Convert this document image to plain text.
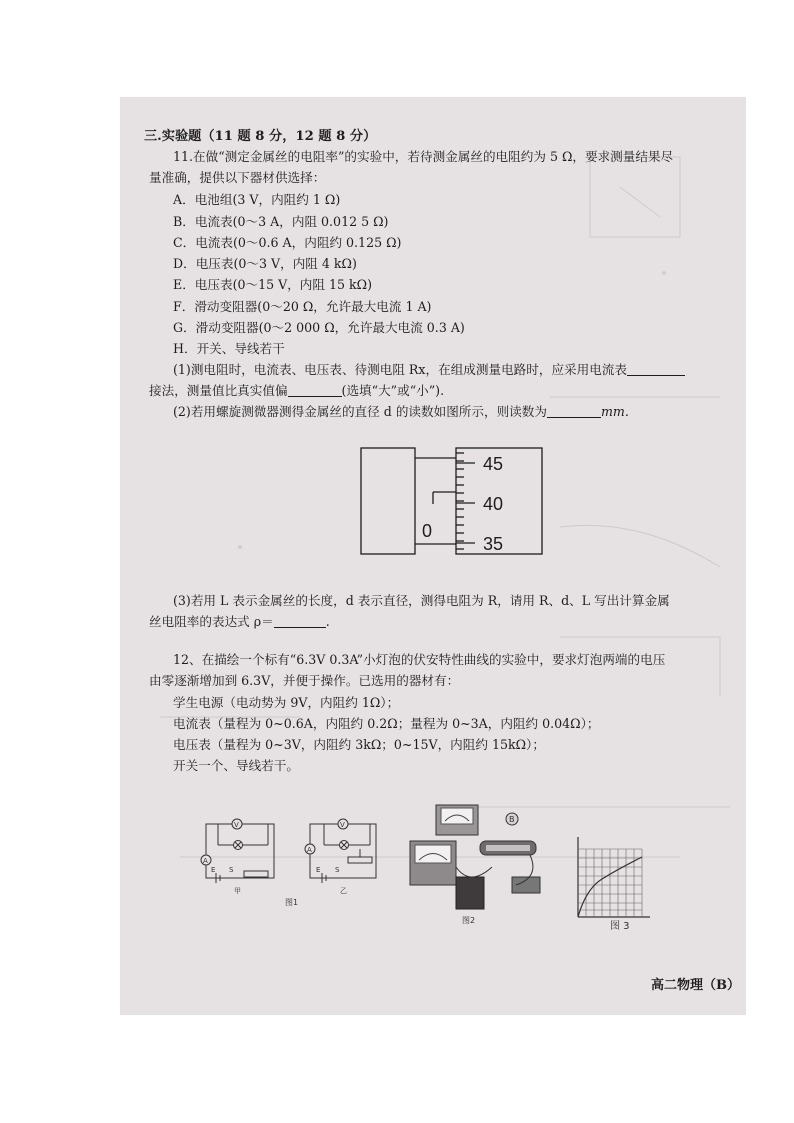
三.实验题（11 题 8 分，12 题 8 分）
11.在做“测定金属丝的电阻率”的实验中，若待测金属丝的电阻约为 5 Ω，要求测量结果尽
量准确，提供以下器材供选择：
A．电池组(3 V，内阻约 1 Ω)
B．电流表(0～3 A，内阻 0.012 5 Ω)
C．电流表(0～0.6 A，内阻约 0.125 Ω)
D．电压表(0～3 V，内阻 4 kΩ)
E．电压表(0～15 V，内阻 15 kΩ)
F．滑动变阻器(0～20 Ω，允许最大电流 1 A)
G．滑动变阻器(0～2 000 Ω，允许最大电流 0.3 A)
H．开关、导线若干
(1)测电阻时，电流表、电压表、待测电阻 Rx，在组成测量电路时，应采用电流表
接法，测量值比真实值偏	(选填“大”或“小”).
(2)若用螺旋测微器测得金属丝的直径 d 的读数如图所示，则读数为	mm.
0
45
40
35
(3)若用 L 表示金属丝的长度，d 表示直径，测得电阻为 R，请用 R、d、L 写出计算金属
丝电阻率的表达式 ρ＝	.
12、在描绘一个标有“6.3V 0.3A”小灯泡的伏安特性曲线的实验中，要求灯泡两端的电压
由零逐渐增加到 6.3V，并便于操作。已选用的器材有：
学生电源（电动势为 9V，内阻约 1Ω）；
电流表（量程为 0~0.6A，内阻约 0.2Ω；量程为 0~3A，内阻约 0.04Ω）；
电压表（量程为 0~3V，内阻约 3kΩ；0~15V，内阻约 15kΩ）；
开关一个、导线若干。
V
A
E S
甲
V
A
E S
乙
图1
B
图2
图 3
高二物理（B）
